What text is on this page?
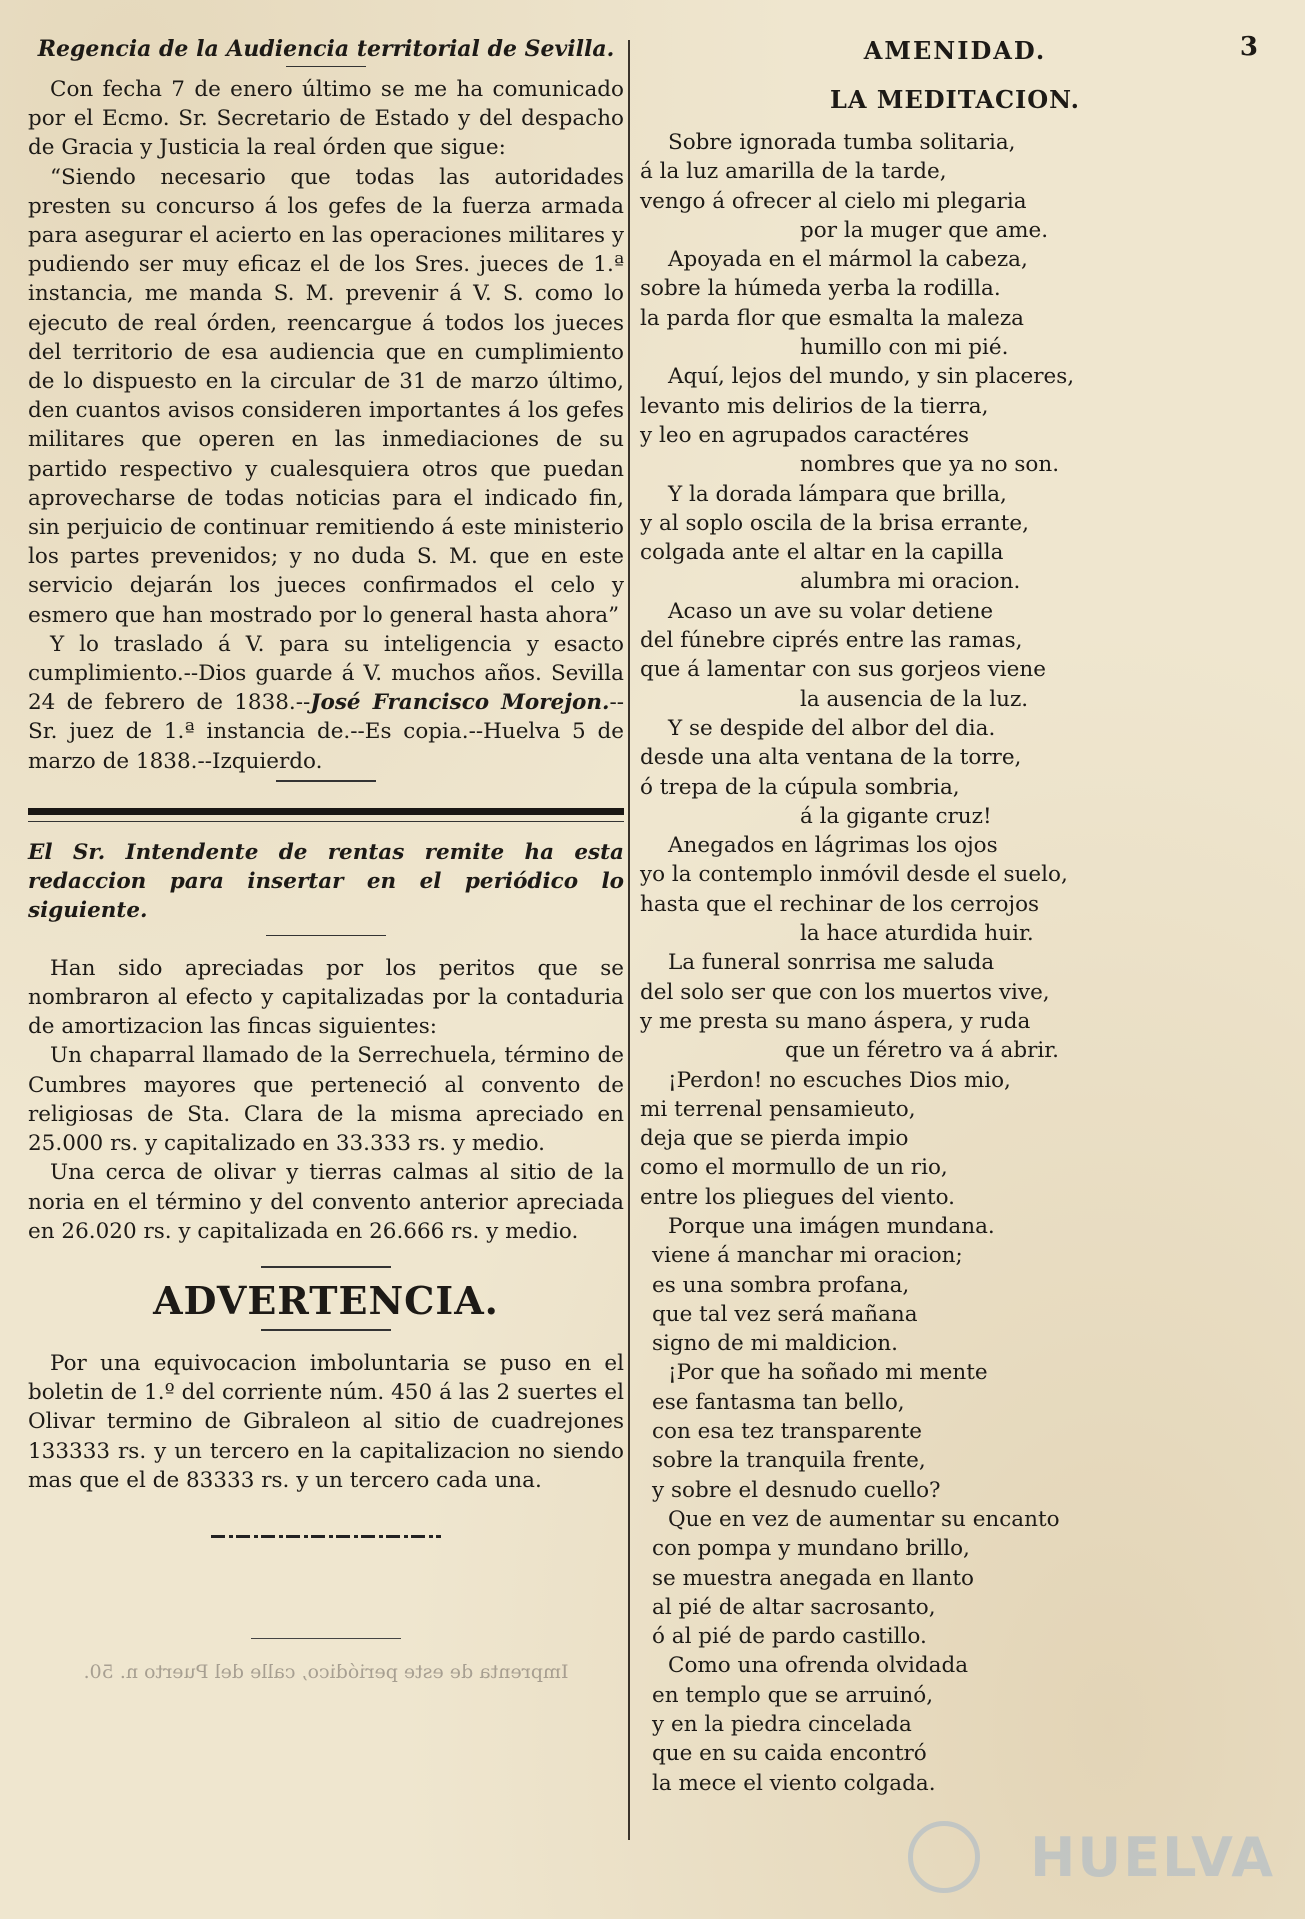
Regencia de la Audiencia territorial de Sevilla.

Con fecha 7 de enero último se me ha comunicado por el Ecmo. Sr. Secretario de Estado y del despacho de Gracia y Justicia la real órden que sigue:

“Siendo necesario que todas las autoridades presten su concurso á los gefes de la fuerza armada para asegurar el acierto en las operaciones militares y pudiendo ser muy eficaz el de los Sres. jueces de 1.ª instancia, me manda S. M. prevenir á V. S. como lo ejecuto de real órden, reencargue á todos los jueces del territorio de esa audiencia que en cumplimiento de lo dispuesto en la circular de 31 de marzo último, den cuantos avisos consideren importantes á los gefes militares que operen en las inmediaciones de su partido respectivo y cualesquiera otros que puedan aprovecharse de todas noticias para el indicado fin, sin perjuicio de continuar remitiendo á este ministerio los partes prevenidos; y no duda S. M. que en este servicio dejarán los jueces confirmados el celo y esmero que han mostrado por lo general hasta ahora”

Y lo traslado á V. para su inteligencia y esacto cumplimiento.--Dios guarde á V. muchos años. Sevilla 24 de febrero de 1838.--José Francisco Morejon.--Sr. juez de 1.ª instancia de.--Es copia.--Huelva 5 de marzo de 1838.--Izquierdo.

El Sr. Intendente de rentas remite ha esta redaccion para insertar en el periódico lo siguiente.

Han sido apreciadas por los peritos que se nombraron al efecto y capitalizadas por la contaduria de amortizacion las fincas siguientes:

Un chaparral llamado de la Serrechuela, término de Cumbres mayores que perteneció al convento de religiosas de Sta. Clara de la misma apreciado en 25.000 rs. y capitalizado en 33.333 rs. y medio.

Una cerca de olivar y tierras calmas al sitio de la noria en el término y del convento anterior apreciada en 26.020 rs. y capitalizada en 26.666 rs. y medio.

ADVERTENCIA.

Por una equivocacion imboluntaria se puso en el boletin de 1.º del corriente núm. 450 á las 2 suertes el Olivar termino de Gibraleon al sitio de cuadrejones 133333 rs. y un tercero en la capitalizacion no siendo mas que el de 83333 rs. y un tercero cada una.

Imprenta de este periódico, calle del Puerto n. 50.
AMENIDAD.	3
LA MEDITACION.
Sobre ignorada tumba solitaria,
á la luz amarilla de la tarde,
vengo á ofrecer al cielo mi plegaria
por la muger que ame.
Apoyada en el mármol la cabeza,
sobre la húmeda yerba la rodilla.
la parda flor que esmalta la maleza
humillo con mi pié.
Aquí, lejos del mundo, y sin placeres,
levanto mis delirios de la tierra,
y leo en agrupados caractéres
nombres que ya no son.
Y la dorada lámpara que brilla,
y al soplo oscila de la brisa errante,
colgada ante el altar en la capilla
alumbra mi oracion.
Acaso un ave su volar detiene
del fúnebre ciprés entre las ramas,
que á lamentar con sus gorjeos viene
la ausencia de la luz.
Y se despide del albor del dia.
desde una alta ventana de la torre,
ó trepa de la cúpula sombria,
á la gigante cruz!
Anegados en lágrimas los ojos
yo la contemplo inmóvil desde el suelo,
hasta que el rechinar de los cerrojos
la hace aturdida huir.
La funeral sonrrisa me saluda
del solo ser que con los muertos vive,
y me presta su mano áspera, y ruda
que un féretro va á abrir.
¡Perdon! no escuches Dios mio,
mi terrenal pensamieuto,
deja que se pierda impio
como el mormullo de un rio,
entre los pliegues del viento.
Porque una imágen mundana.
viene á manchar mi oracion;
es una sombra profana,
que tal vez será mañana
signo de mi maldicion.
¡Por que ha soñado mi mente
ese fantasma tan bello,
con esa tez transparente
sobre la tranquila frente,
y sobre el desnudo cuello?
Que en vez de aumentar su encanto
con pompa y mundano brillo,
se muestra anegada en llanto
al pié de altar sacrosanto,
ó al pié de pardo castillo.
Como una ofrenda olvidada
en templo que se arruinó,
y en la piedra cincelada
que en su caida encontró
la mece el viento colgada.
HUELVA
